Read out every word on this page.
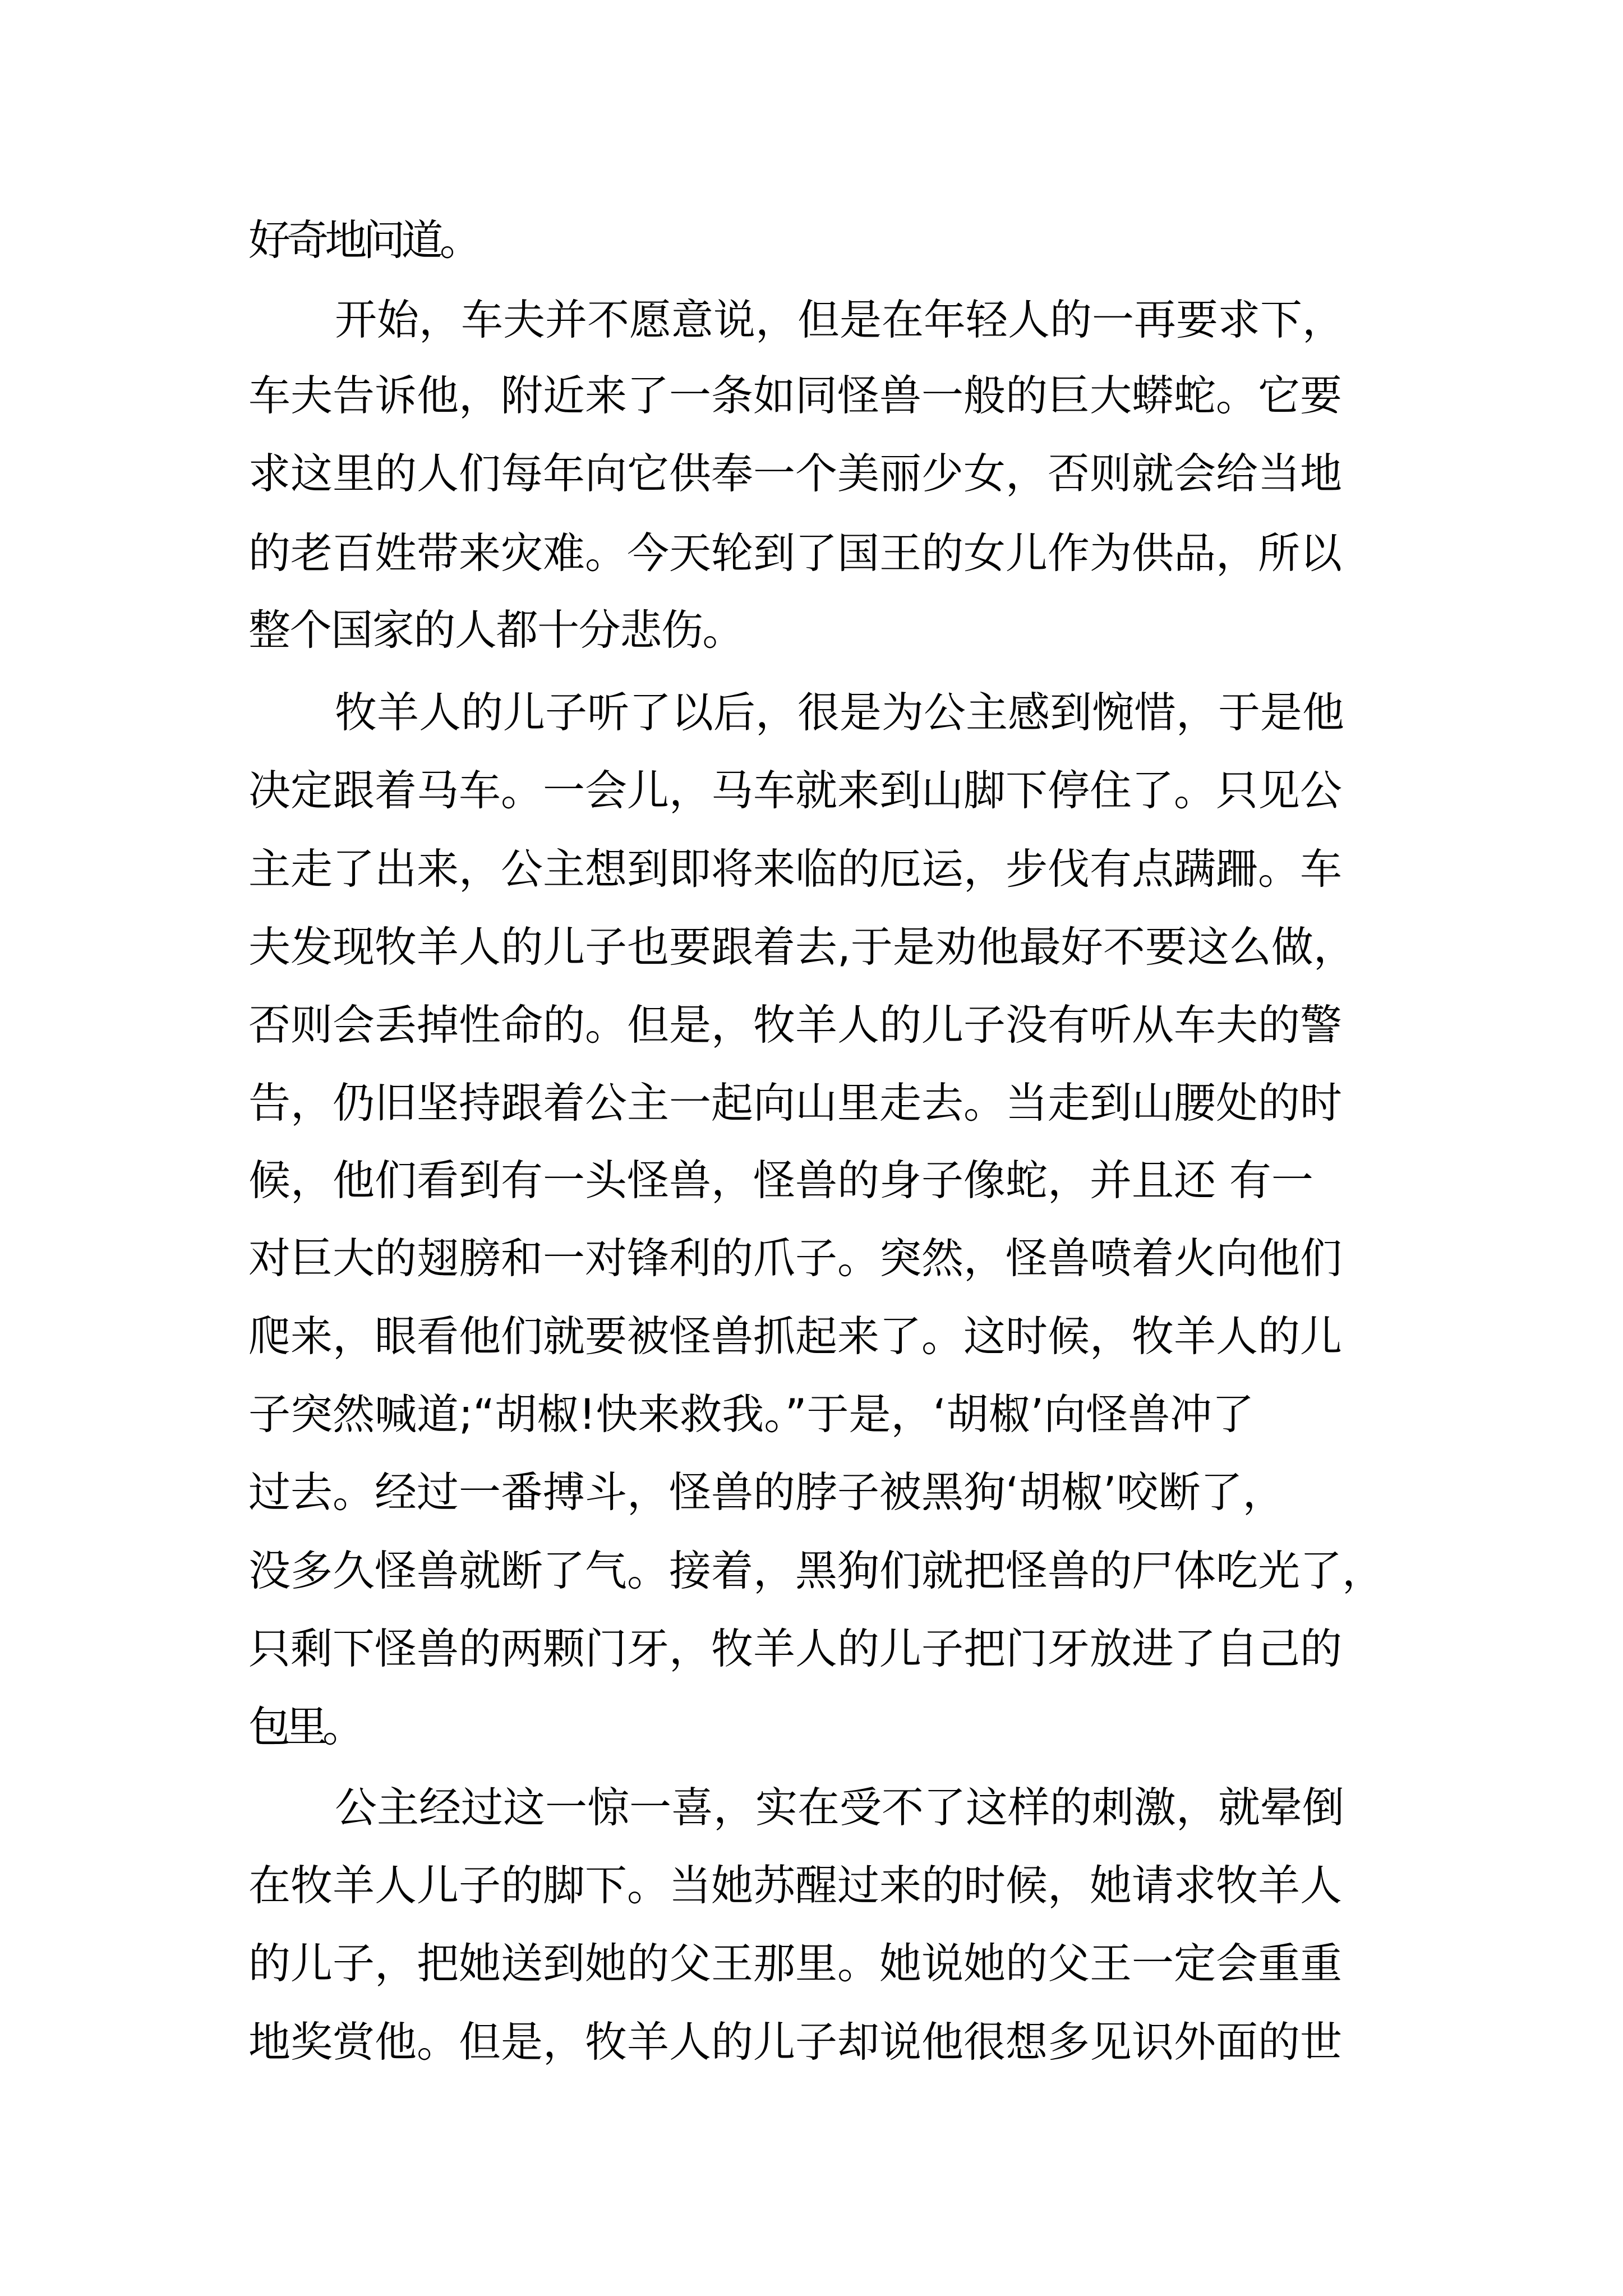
好奇地问道。

开始，车夫并不愿意说，但是在年轻人的一再要求下，

车夫告诉他，附近来了一条如同怪兽一般的巨大蟒蛇。它要

求这里的人们每年向它供奉一个美丽少女，否则就会给当地

的老百姓带来灾难。今天轮到了国王的女儿作为供品，所以

整个国家的人都十分悲伤。

牧羊人的儿子听了以后，很是为公主感到惋惜，于是他

决定跟着马车。一会儿，马车就来到山脚下停住了。只见公

主走了出来，公主想到即将来临的厄运，步伐有点蹒跚。车

夫发现牧羊人的儿子也要跟着去,于是劝他最好不要这么做，

否则会丢掉性命的。但是，牧羊人的儿子没有听从车夫的警

告，仍旧坚持跟着公主一起向山里走去。当走到山腰处的时

候，他们看到有一头怪兽，怪兽的身子像蛇，并且还 有一

对巨大的翅膀和一对锋利的爪子。突然，怪兽喷着火向他们

爬来，眼看他们就要被怪兽抓起来了。这时候，牧羊人的儿

子突然喊道;“胡椒!快来救我。”于是，‘胡椒’向怪兽冲了

过去。经过一番搏斗，怪兽的脖子被黑狗‘胡椒’咬断了，

没多久怪兽就断了气。接着，黑狗们就把怪兽的尸体吃光了，

只剩下怪兽的两颗门牙，牧羊人的儿子把门牙放进了自己的

包里。

公主经过这一惊一喜，实在受不了这样的刺激，就晕倒

在牧羊人儿子的脚下。当她苏醒过来的时候，她请求牧羊人

的儿子，把她送到她的父王那里。她说她的父王一定会重重

地奖赏他。但是，牧羊人的儿子却说他很想多见识外面的世
